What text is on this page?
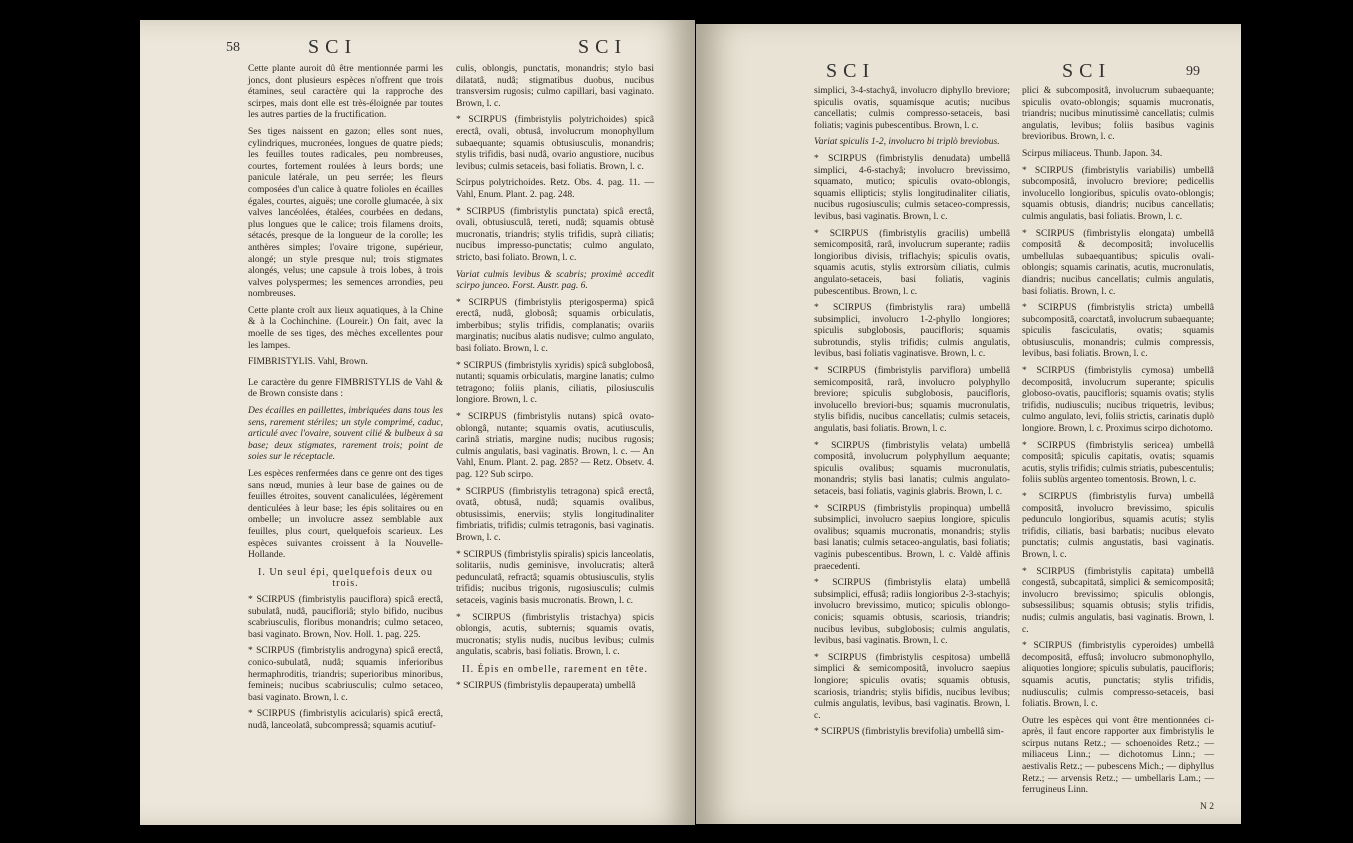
58	SCI	SCI

Cette plante auroit dû être mentionnée parmi les joncs, dont plusieurs espèces n'offrent que trois étamines, seul caractère qui la rapproche des scirpes, mais dont elle est très-éloignée par toutes les autres parties de la fructification.

Ses tiges naissent en gazon; elles sont nues, cylindriques, mucronées, longues de quatre pieds; les feuilles toutes radicales, peu nombreuses, courtes, fortement roulées à leurs bords; une panicule latérale, un peu serrée; les fleurs composées d'un calice à quatre folioles en écailles égales, courtes, aiguës; une corolle glumacée, à six valves lancéolées, étalées, courbées en dedans, plus longues que le calice; trois filamens droits, sétacés, presque de la longueur de la corolle; les anthères simples; l'ovaire trigone, supérieur, alongé; un style presque nul; trois stigmates alongés, velus; une capsule à trois lobes, à trois valves polyspermes; les semences arrondies, peu nombreuses.

Cette plante croît aux lieux aquatiques, à la Chine & à la Cochinchine. (Loureir.) On fait, avec la moelle de ses tiges, des mèches excellentes pour les lampes.

FIMBRISTYLIS. Vahl, Brown.

Le caractère du genre FIMBRISTYLIS de Vahl & de Brown consiste dans :

Des écailles en paillettes, imbriquées dans tous les sens, rarement stériles; un style comprimé, caduc, articulé avec l'ovaire, souvent cilié & bulbeux à sa base; deux stigmates, rarement trois; point de soies sur le réceptacle.

Les espèces renfermées dans ce genre ont des tiges sans nœud, munies à leur base de gaines ou de feuilles étroites, souvent canaliculées, légèrement denticulées à leur base; les épis solitaires ou en ombelle; un involucre assez semblable aux feuilles, plus court, quelquefois scarieux. Les espèces suivantes croissent à la Nouvelle-Hollande.

I. Un seul épi, quelquefois deux ou trois.

* SCIRPUS (fimbristylis pauciflora) spicâ erectâ, subulatâ, nudâ, paucifloriâ; stylo bifido, nucibus scabriusculis, floribus monandris; culmo setaceo, basi vaginato. Brown, Nov. Holl. 1. pag. 225.

* SCIRPUS (fimbristylis androgyna) spicâ erectâ, conico-subulatâ, nudâ; squamis inferioribus hermaphroditis, triandris; superioribus minoribus, femineis; nucibus scabriusculis; culmo setaceo, basi vaginato. Brown, l. c.

* SCIRPUS (fimbristylis acicularis) spicâ erectâ, nudâ, lanceolatâ, subcompressâ; squamis acutiuf-

culis, oblongis, punctatis, monandris; stylo basi dilatatâ, nudâ; stigmatibus duobus, nucibus transversim rugosis; culmo capillari, basi vaginato. Brown, l. c.

* SCIRPUS (fimbristylis polytrichoides) spicâ erectâ, ovali, obtusâ, involucrum monophyllum subaequante; squamis obtusiusculis, monandris; stylis trifidis, basi nudâ, ovario angustiore, nucibus levibus; culmis setaceis, basi foliatis. Brown, l. c.

Scirpus polytrichoides. Retz. Obs. 4. pag. 11. — Vahl, Enum. Plant. 2. pag. 248.

* SCIRPUS (fimbristylis punctata) spicâ erectâ, ovali, obtusiusculâ, tereti, nudâ; squamis obtusè mucronatis, triandris; stylis trifidis, suprà ciliatis; nucibus impresso-punctatis; culmo angulato, stricto, basi foliato. Brown, l. c.

Variat culmis levibus & scabris; proximè accedit scirpo junceo. Forst. Austr. pag. 6.

* SCIRPUS (fimbristylis pterigosperma) spicâ erectâ, nudâ, globosâ; squamis orbiculatis, imberbibus; stylis trifidis, complanatis; ovariis marginatis; nucibus alatis nudisve; culmo angulato, basi foliato. Brown, l. c.

* SCIRPUS (fimbristylis xyridis) spicâ subglobosâ, nutanti; squamis orbiculatis, margine lanatis; culmo tetragono; foliis planis, ciliatis, pilosiusculis longiore. Brown, l. c.

* SCIRPUS (fimbristylis nutans) spicâ ovato-oblongâ, nutante; squamis ovatis, acutiusculis, carinâ striatis, margine nudis; nucibus rugosis; culmis angulatis, basi vaginatis. Brown, l. c. — An Vahl, Enum. Plant. 2. pag. 285? — Retz. Obsetv. 4. pag. 12? Sub scirpo.

* SCIRPUS (fimbristylis tetragona) spicâ erectâ, ovatâ, obtusâ, nudâ; squamis ovalibus, obtusissimis, enerviis; stylis longitudinaliter fimbriatis, trifidis; culmis tetragonis, basi vaginatis. Brown, l. c.

* SCIRPUS (fimbristylis spiralis) spicis lanceolatis, solitariis, nudis geminisve, involucratis; alterâ pedunculatâ, refractâ; squamis obtusiusculis, stylis trifidis; nucibus trigonis, rugosiusculis; culmis setaceis, vaginis basis mucronatis. Brown, l. c.

* SCIRPUS (fimbristylis tristachya) spicis oblongis, acutis, subternis; squamis ovatis, mucronatis; stylis nudis, nucibus levibus; culmis angulatis, scabris, basi foliatis. Brown, l. c.

II. Épis en ombelle, rarement en tête.

* SCIRPUS (fimbristylis depauperata) umbellâ

SCI	SCI	99

simplici, 3-4-stachyâ, involucro diphyllo breviore; spiculis ovatis, squamisque acutis; nucibus cancellatis; culmis compresso-setaceis, basi foliatis; vaginis pubescentibus. Brown, l. c.

Variat spiculis 1-2, involucro bi triplò breviobus.

* SCIRPUS (fimbristylis denudata) umbellâ simplici, 4-6-stachyâ; involucro brevissimo, squamato, mutico; spiculis ovato-oblongis, squamis ellipticis; stylis longitudinaliter ciliatis, nucibus rugosiusculis; culmis setaceo-compressis, levibus, basi vaginatis. Brown, l. c.

* SCIRPUS (fimbristylis gracilis) umbellâ semicompositâ, rarâ, involucrum superante; radiis longioribus divisis, triflachyis; spiculis ovatis, squamis acutis, stylis extrorsùm ciliatis, culmis angulato-setaceis, basi foliatis, vaginis pubescentibus. Brown, l. c.

* SCIRPUS (fimbristylis rara) umbellâ subsimplici, involucro 1-2-phyllo longiores; spiculis subglobosis, paucifloris; squamis subrotundis, stylis trifidis; culmis angulatis, levibus, basi foliatis vaginatisve. Brown, l. c.

* SCIRPUS (fimbristylis parviflora) umbellâ semicompositâ, rarâ, involucro polyphyllo breviore; spiculis subglobosis, paucifloris, involucello breviori-bus; squamis mucronulatis, stylis bifidis, nucibus cancellatis; culmis setaceis, angulatis, basi foliatis. Brown, l. c.

* SCIRPUS (fimbristylis velata) umbellâ compositâ, involucrum polyphyllum aequante; spiculis ovalibus; squamis mucronulatis, monandris; stylis basi lanatis; culmis angulato-setaceis, basi foliatis, vaginis glabris. Brown, l. c.

* SCIRPUS (fimbristylis propinqua) umbellâ subsimplici, involucro saepius longiore, spiculis ovalibus; squamis mucronatis, monandris; stylis basi lanatis; culmis setaceo-angulatis, basi foliatis; vaginis pubescentibus. Brown, l. c. Valdè affinis praecedenti.

* SCIRPUS (fimbristylis elata) umbellâ subsimplici, effusâ; radiis longioribus 2-3-stachyis; involucro brevissimo, mutico; spiculis oblongo-conicis; squamis obtusis, scariosis, triandris; nucibus levibus, subglobosis; culmis angulatis, levibus, basi vaginatis. Brown, l. c.

* SCIRPUS (fimbristylis cespitosa) umbellâ simplici & semicompositâ, involucro saepius longiore; spiculis ovatis; squamis obtusis, scariosis, triandris; stylis bifidis, nucibus levibus; culmis angulatis, levibus, basi vaginatis. Brown, l. c.

* SCIRPUS (fimbristylis brevifolia) umbellâ sim-

plici & subcompositâ, involucrum subaequante; spiculis ovato-oblongis; squamis mucronatis, triandris; nucibus minutissimè cancellatis; culmis angulatis, levibus; foliis basibus vaginis brevioribus. Brown, l. c.

Scirpus miliaceus. Thunb. Japon. 34.

* SCIRPUS (fimbristylis variabilis) umbellâ subcompositâ, involucro breviore; pedicellis involucello longioribus, spiculis ovato-oblongis; squamis obtusis, diandris; nucibus cancellatis; culmis angulatis, basi foliatis. Brown, l. c.

* SCIRPUS (fimbristylis elongata) umbellâ compositâ & decompositâ; involucellis umbellulas subaequantibus; spiculis ovali-oblongis; squamis carinatis, acutis, mucronulatis, diandris; nucibus cancellatis; culmis angulatis, basi foliatis. Brown, l. c.

* SCIRPUS (fimbristylis stricta) umbellâ subcompositâ, coarctatâ, involucrum subaequante; spiculis fasciculatis, ovatis; squamis obtusiusculis, monandris; culmis compressis, levibus, basi foliatis. Brown, l. c.

* SCIRPUS (fimbristylis cymosa) umbellâ decompositâ, involucrum superante; spiculis globoso-ovatis, paucifloris; squamis ovatis; stylis trifidis, nudiusculis; nucibus triquetris, levibus; culmo angulato, levi, foliis strictis, carinatis duplò longiore. Brown, l. c. Proximus scirpo dichotomo.

* SCIRPUS (fimbristylis sericea) umbellâ compositâ; spiculis capitatis, ovatis; squamis acutis, stylis trifidis; culmis striatis, pubescentulis; foliis sublùs argenteo tomentosis. Brown, l. c.

* SCIRPUS (fimbristylis furva) umbellâ compositâ, involucro brevissimo, spiculis pedunculo longioribus, squamis acutis; stylis trifidis, ciliatis, basi barbatis; nucibus elevato punctatis; culmis angustatis, basi vaginatis. Brown, l. c.

* SCIRPUS (fimbristylis capitata) umbellâ congestâ, subcapitatâ, simplici & semicompositâ; involucro brevissimo; spiculis oblongis, subsessilibus; squamis obtusis; stylis trifidis, nudis; culmis angulatis, basi vaginatis. Brown, l. c.

* SCIRPUS (fimbristylis cyperoides) umbellâ decompositâ, effusâ; involucro submonophyllo, aliquoties longiore; spiculis subulatis, paucifloris; squamis acutis, punctatis; stylis trifidis, nudiusculis; culmis compresso-setaceis, basi foliatis. Brown, l. c.

Outre les espèces qui vont être mentionnées ci-après, il faut encore rapporter aux fimbristylis le scirpus nutans Retz.; — schoenoides Retz.; — miliaceus Linn.; — dichotomus Linn.; — aestivalis Retz.; — pubescens Mich.; — diphyllus Retz.; — arvensis Retz.; — umbellaris Lam.; — ferrugineus Linn.

N 2
